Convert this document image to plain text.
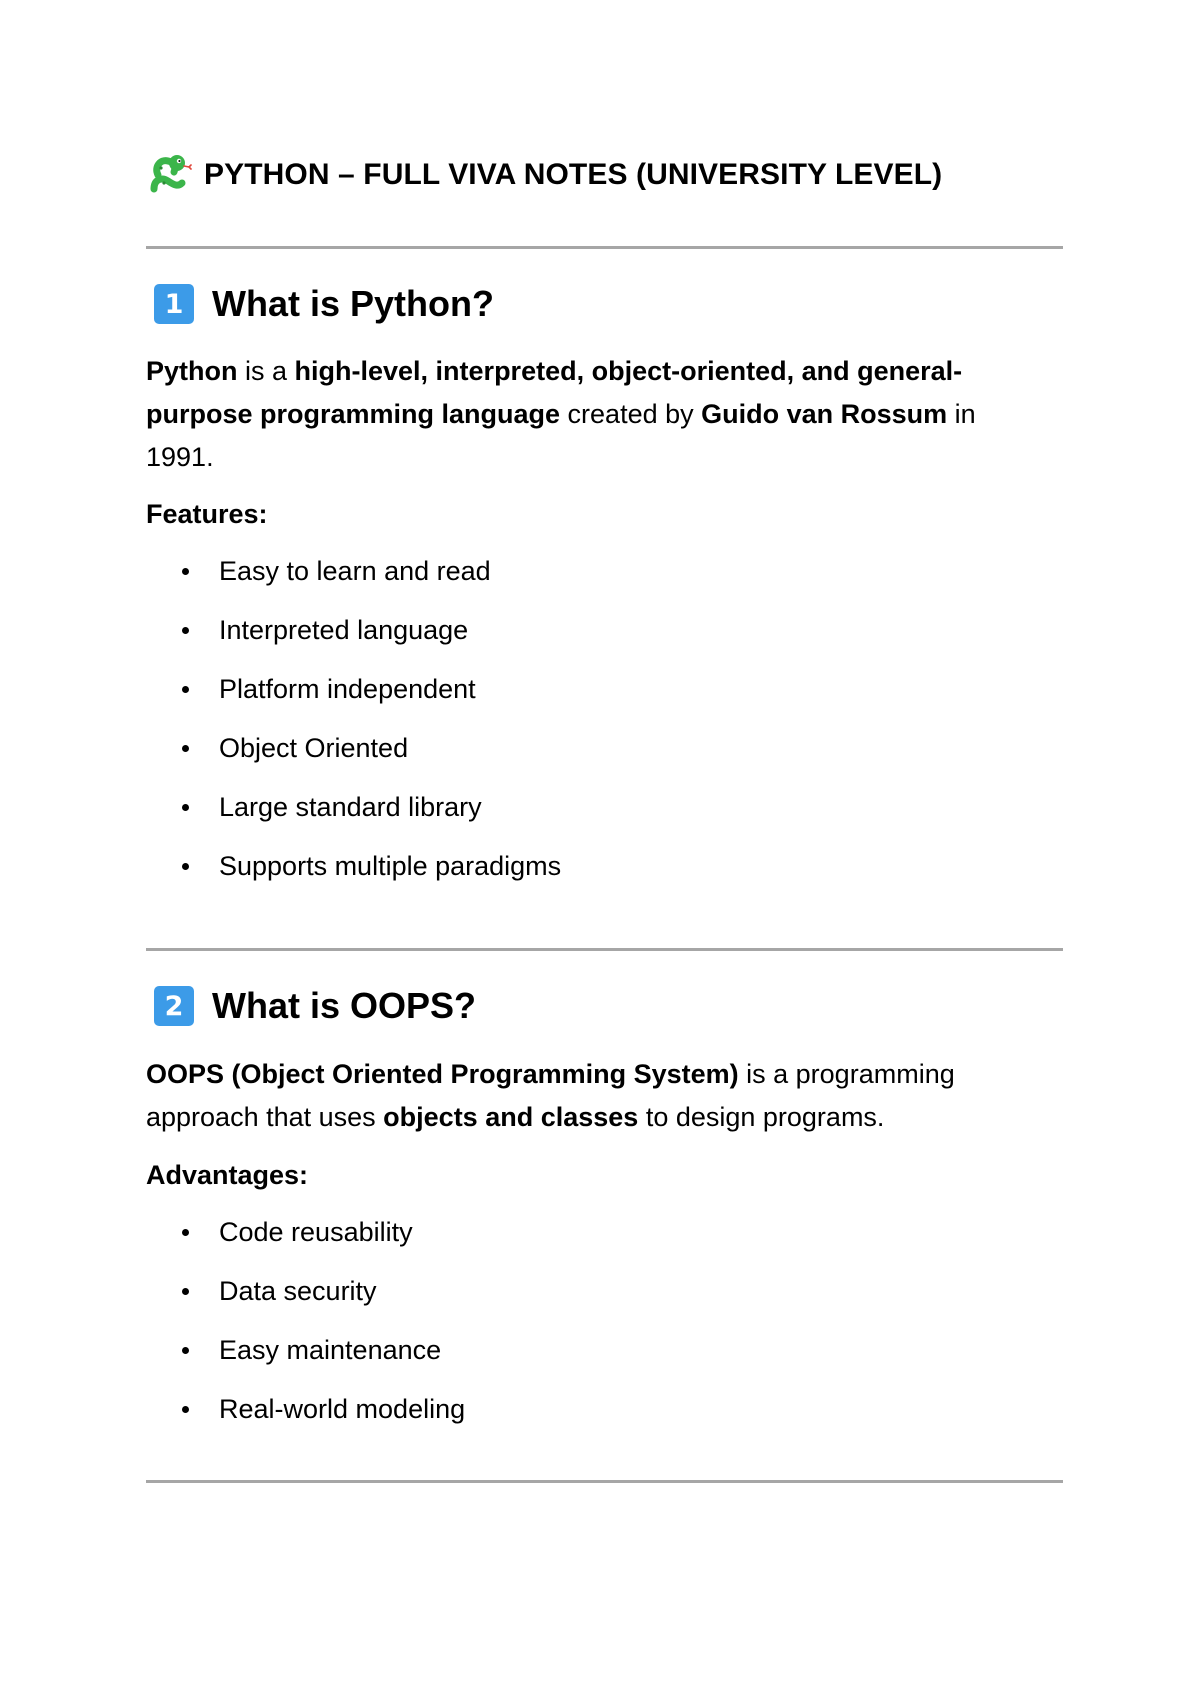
PYTHON – FULL VIVA NOTES (UNIVERSITY LEVEL)
1 What is Python?

Python is a high-level, interpreted, object-oriented, and general-purpose programming language created by Guido van Rossum in 1991.

Features:

Easy to learn and read
Interpreted language
Platform independent
Object Oriented
Large standard library
Supports multiple paradigms
2 What is OOPS?

OOPS (Object Oriented Programming System) is a programming approach that uses objects and classes to design programs.

Advantages:

Code reusability
Data security
Easy maintenance
Real-world modeling
